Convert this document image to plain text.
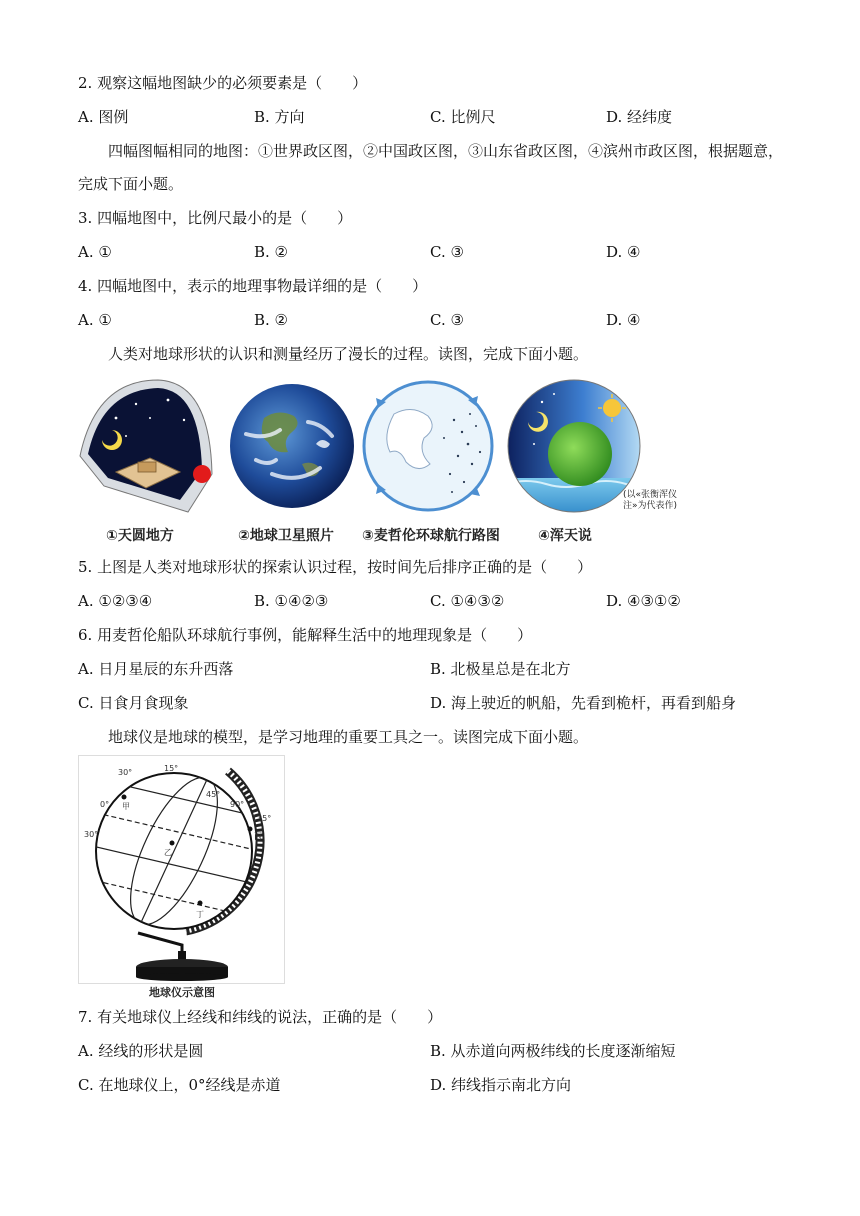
2. 观察这幅地图缺少的必须要素是（　　）
A. 图例	B. 方向	C. 比例尺	D. 经纬度
四幅图幅相同的地图：①世界政区图，②中国政区图，③山东省政区图，④滨州市政区图，根据题意，
完成下面小题。
3. 四幅地图中，比例尺最小的是（　　）
A. ①	B. ②	C. ③	D. ④
4. 四幅地图中，表示的地理事物最详细的是（　　）
A. ①	B. ②	C. ③	D. ④
人类对地球形状的认识和测量经历了漫长的过程。读图，完成下面小题。
(以«张衡浑仪注»为代表作)
①天圆地方	②地球卫星照片 ③麦哲伦环球航行路图	④浑天说
5. 上图是人类对地球形状的探索认识过程，按时间先后排序正确的是（　　）
A. ①②③④	B. ①④②③	C. ①④③②	D. ④③①②
6. 用麦哲伦船队环球航行事例，能解释生活中的地理现象是（　　）
A. 日月星辰的东升西落	B. 北极星总是在北方
C. 日食月食现象	D. 海上驶近的帆船，先看到桅杆，再看到船身
地球仪是地球的模型，是学习地理的重要工具之一。读图完成下面小题。
30°
0°
30°
15°
45°
90°
135°
甲
乙
丙
丁
地球仪示意图
7. 有关地球仪上经线和纬线的说法，正确的是（　　）
A. 经线的形状是圆	B. 从赤道向两极纬线的长度逐渐缩短
C. 在地球仪上，0°经线是赤道	D. 纬线指示南北方向
